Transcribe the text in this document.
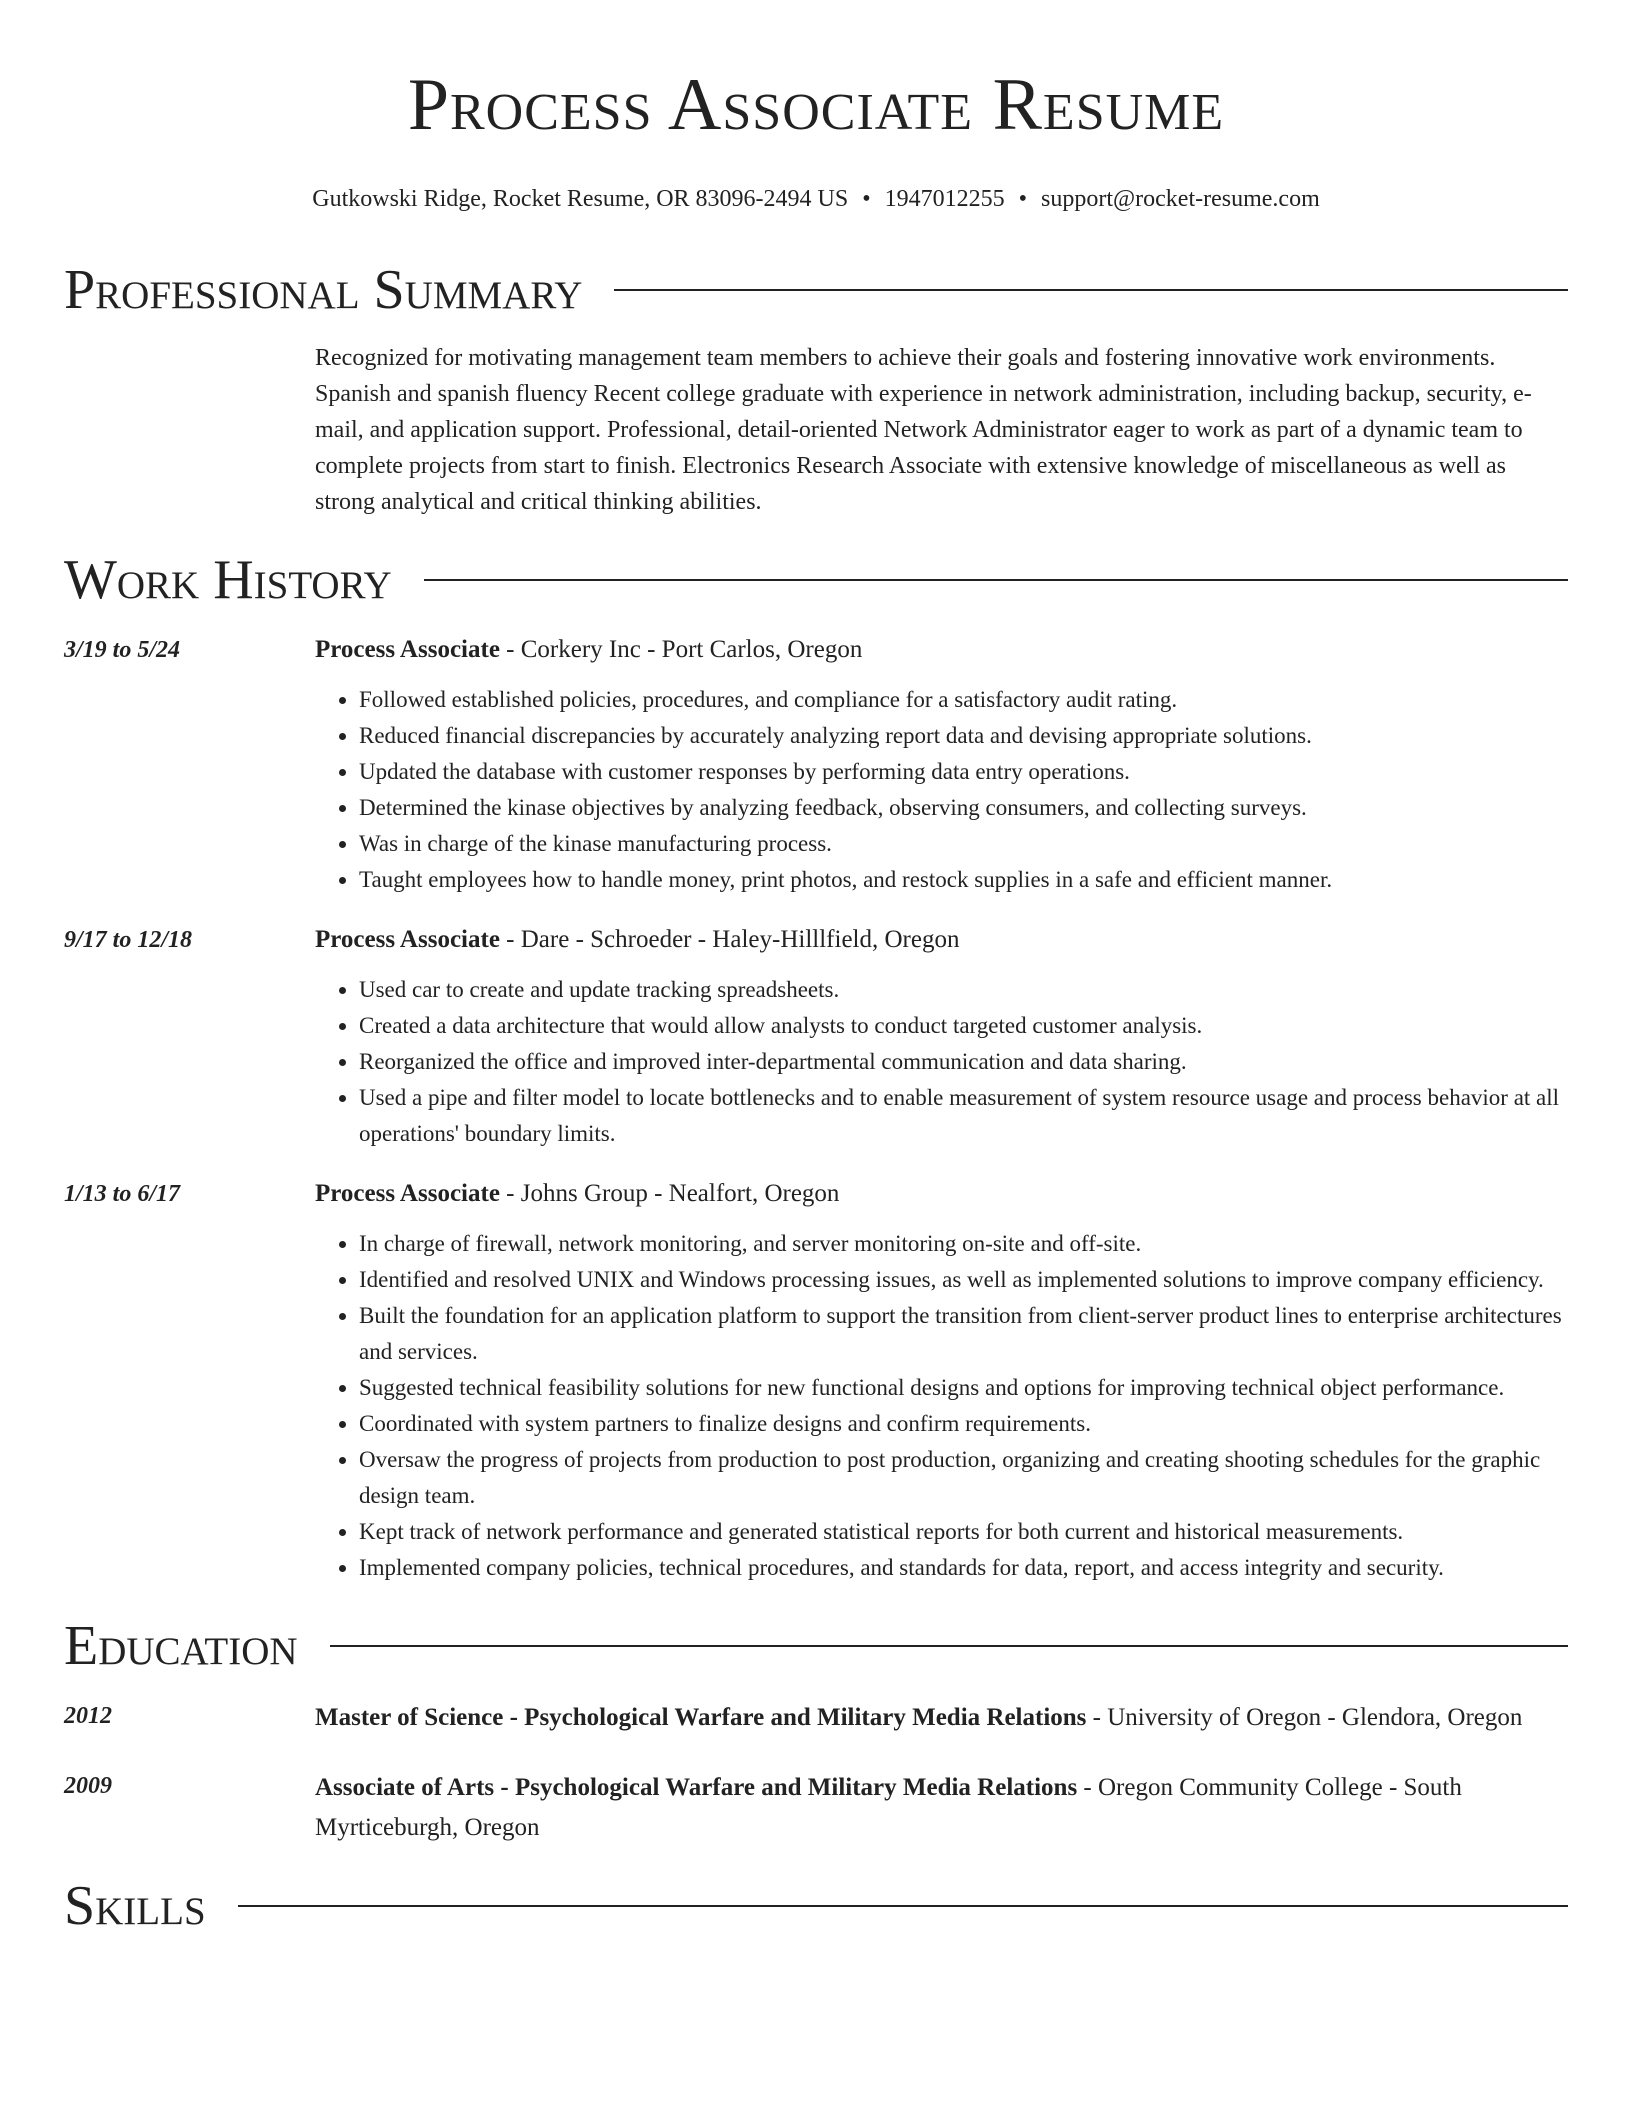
Process Associate Resume
Gutkowski Ridge, Rocket Resume, OR 83096-2494 US • 1947012255 • support@rocket-resume.com
Professional Summary
Recognized for motivating management team members to achieve their goals and fostering innovative work environments. Spanish and spanish fluency Recent college graduate with experience in network administration, including backup, security, e-mail, and application support. Professional, detail-oriented Network Administrator eager to work as part of a dynamic team to complete projects from start to finish. Electronics Research Associate with extensive knowledge of miscellaneous as well as strong analytical and critical thinking abilities.
Work History
3/19 to 5/24	Process Associate - Corkery Inc - Port Carlos, Oregon
• Followed established policies, procedures, and compliance for a satisfactory audit rating.
• Reduced financial discrepancies by accurately analyzing report data and devising appropriate solutions.
• Updated the database with customer responses by performing data entry operations.
• Determined the kinase objectives by analyzing feedback, observing consumers, and collecting surveys.
• Was in charge of the kinase manufacturing process.
• Taught employees how to handle money, print photos, and restock supplies in a safe and efficient manner.
9/17 to 12/18	Process Associate - Dare - Schroeder - Haley-Hilllfield, Oregon
• Used car to create and update tracking spreadsheets.
• Created a data architecture that would allow analysts to conduct targeted customer analysis.
• Reorganized the office and improved inter-departmental communication and data sharing.
• Used a pipe and filter model to locate bottlenecks and to enable measurement of system resource usage and process behavior at all operations' boundary limits.
1/13 to 6/17	Process Associate - Johns Group - Nealfort, Oregon
• In charge of firewall, network monitoring, and server monitoring on-site and off-site.
• Identified and resolved UNIX and Windows processing issues, as well as implemented solutions to improve company efficiency.
• Built the foundation for an application platform to support the transition from client-server product lines to enterprise architectures and services.
• Suggested technical feasibility solutions for new functional designs and options for improving technical object performance.
• Coordinated with system partners to finalize designs and confirm requirements.
• Oversaw the progress of projects from production to post production, organizing and creating shooting schedules for the graphic design team.
• Kept track of network performance and generated statistical reports for both current and historical measurements.
• Implemented company policies, technical procedures, and standards for data, report, and access integrity and security.
Education
2012	Master of Science - Psychological Warfare and Military Media Relations - University of Oregon - Glendora, Oregon
2009	Associate of Arts - Psychological Warfare and Military Media Relations - Oregon Community College - South Myrticeburgh, Oregon
Skills
